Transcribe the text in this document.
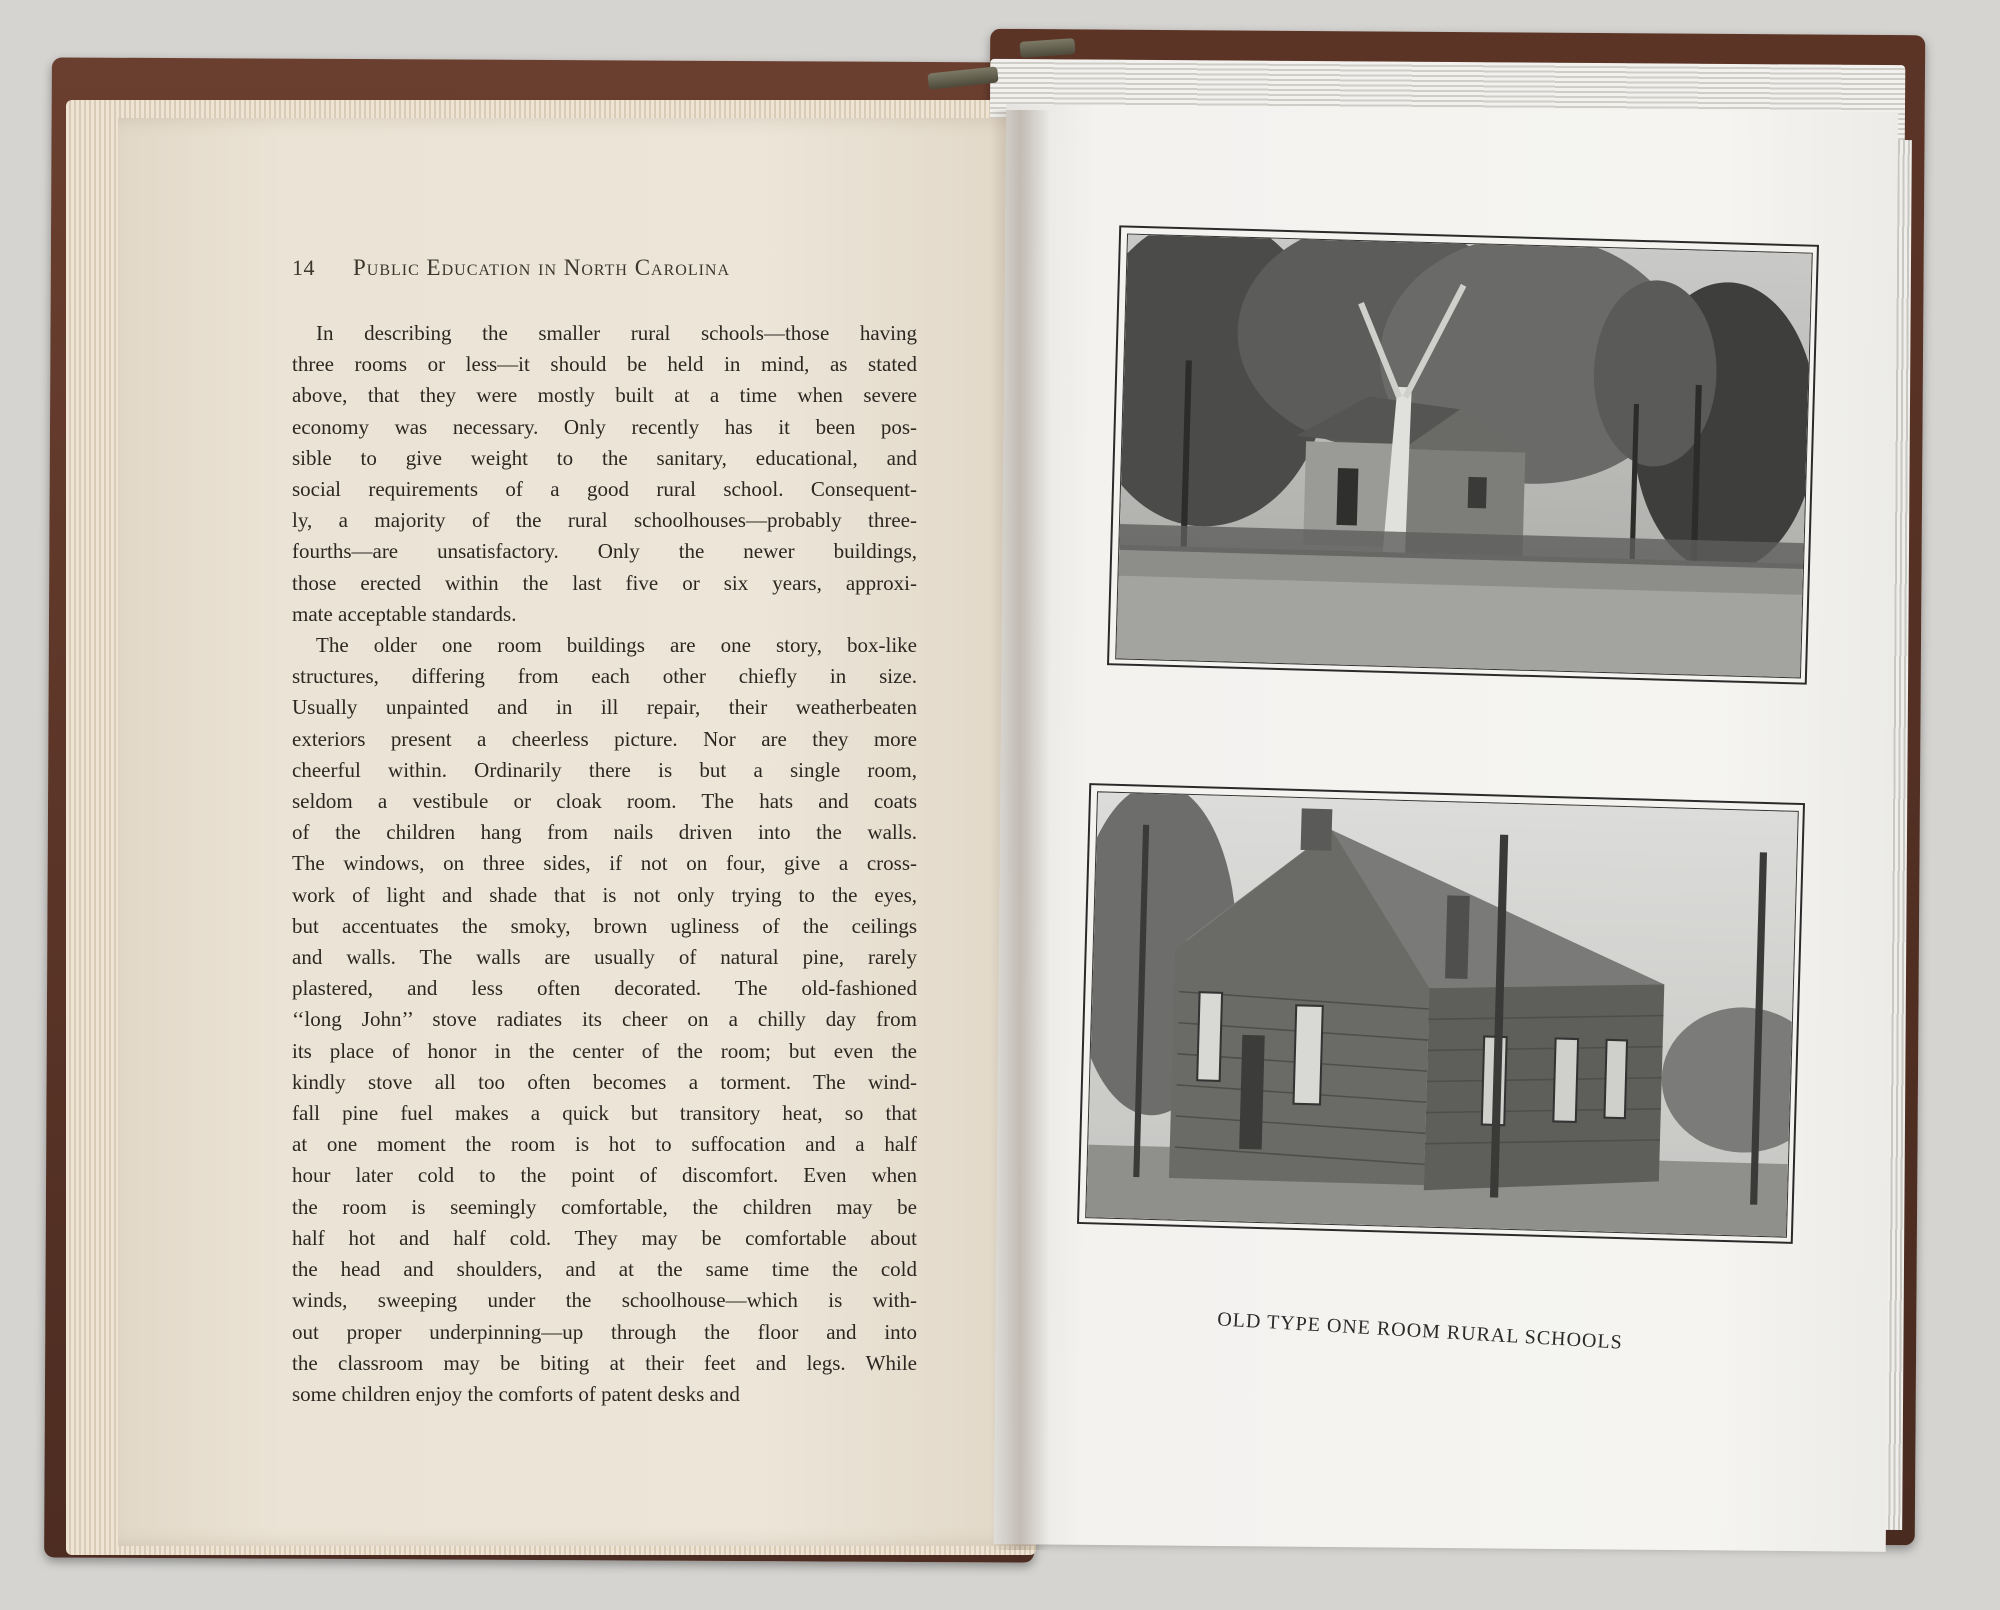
14 Public Education in North Carolina
In describing the smaller rural schools—those having
three rooms or less—it should be held in mind, as stated
above, that they were mostly built at a time when severe
economy was necessary. Only recently has it been pos-
sible to give weight to the sanitary, educational, and
social requirements of a good rural school. Consequent-
ly, a majority of the rural schoolhouses—probably three-
fourths—are unsatisfactory. Only the newer buildings,
those erected within the last five or six years, approxi-
mate acceptable standards.
The older one room buildings are one story, box-like
structures, differing from each other chiefly in size.
Usually unpainted and in ill repair, their weatherbeaten
exteriors present a cheerless picture. Nor are they more
cheerful within. Ordinarily there is but a single room,
seldom a vestibule or cloak room. The hats and coats
of the children hang from nails driven into the walls.
The windows, on three sides, if not on four, give a cross-
work of light and shade that is not only trying to the eyes,
but accentuates the smoky, brown ugliness of the ceilings
and walls. The walls are usually of natural pine, rarely
plastered, and less often decorated. The old-fashioned
‘‘long John’’ stove radiates its cheer on a chilly day from
its place of honor in the center of the room; but even the
kindly stove all too often becomes a torment. The wind-
fall pine fuel makes a quick but transitory heat, so that
at one moment the room is hot to suffocation and a half
hour later cold to the point of discomfort. Even when
the room is seemingly comfortable, the children may be
half hot and half cold. They may be comfortable about
the head and shoulders, and at the same time the cold
winds, sweeping under the schoolhouse—which is with-
out proper underpinning—up through the floor and into
the classroom may be biting at their feet and legs. While
some children enjoy the comforts of patent desks and
OLD TYPE ONE ROOM RURAL SCHOOLS
